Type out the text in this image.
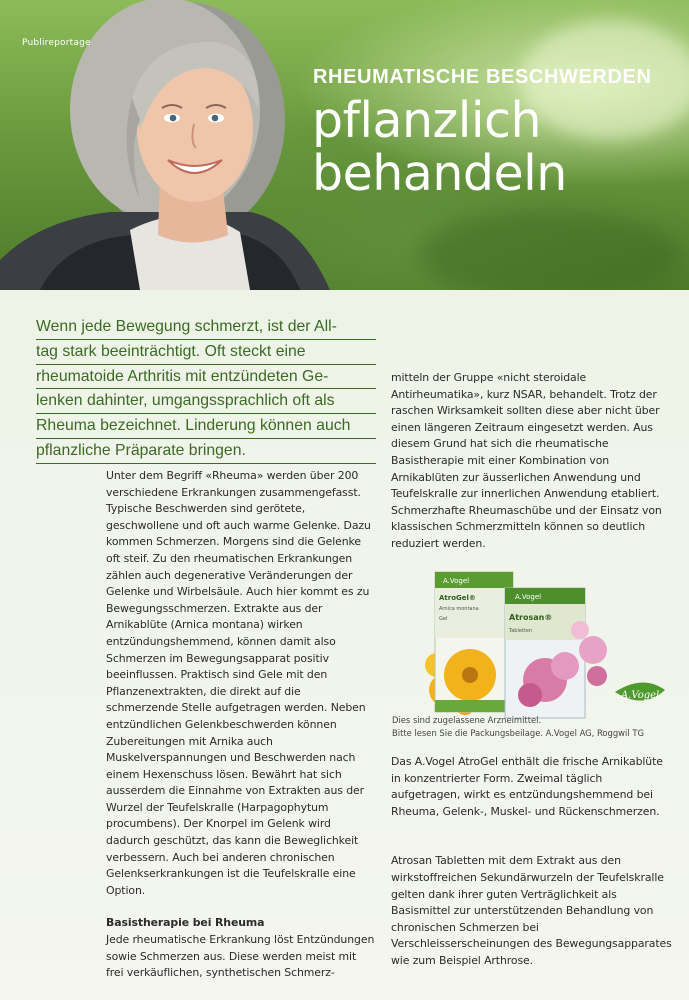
Publireportage
RHEUMATISCHE BESCHWERDEN
pflanzlich
behandeln
Wenn jede Bewegung schmerzt, ist der All-
tag stark beeinträchtigt. Oft steckt eine
rheumatoide Arthritis mit entzündeten Ge-
lenken dahinter, umgangssprachlich oft als
Rheuma bezeichnet. Linderung können auch
pflanzliche Präparate bringen.

Unter dem Begriff «Rheuma» werden über 200 verschiedene Erkrankungen zusammengefasst. Typische Beschwerden sind gerötete, geschwollene und oft auch warme Gelenke. Dazu kommen Schmerzen. Morgens sind die Gelenke oft steif. Zu den rheumatischen Erkrankungen zählen auch degenerative Veränderungen der Gelenke und Wirbelsäule. Auch hier kommt es zu Bewegungsschmerzen. Extrakte aus der Arnikablüte (Arnica montana) wirken entzündungshemmend, können damit also Schmerzen im Bewegungsapparat positiv beeinflussen. Praktisch sind Gele mit den Pflanzenextrakten, die direkt auf die schmerzende Stelle aufgetragen werden. Neben entzündlichen Gelenkbeschwerden können Zubereitungen mit Arnika auch Muskelverspannungen und Beschwerden nach einem Hexenschuss lösen. Bewährt hat sich ausserdem die Einnahme von Extrakten aus der Wurzel der Teufelskralle (Harpagophytum procumbens). Der Knorpel im Gelenk wird dadurch geschützt, das kann die Beweglichkeit verbessern. Auch bei anderen chronischen Gelenkserkrankungen ist die Teufelskralle eine Option.

Basistherapie bei Rheuma

Jede rheumatische Erkrankung löst Entzündungen sowie Schmerzen aus. Diese werden meist mit frei verkäuflichen, synthetischen Schmerz-

mitteln der Gruppe «nicht steroidale Antirheumatika», kurz NSAR, behandelt. Trotz der raschen Wirksamkeit sollten diese aber nicht über einen längeren Zeitraum eingesetzt werden. Aus diesem Grund hat sich die rheumatische Basistherapie mit einer Kombination von Arnikablüten zur äusserlichen Anwendung und Teufelskralle zur innerlichen Anwendung etabliert. Schmerzhafte Rheumaschübe und der Einsatz von klassischen Schmerzmitteln können so deutlich reduziert werden.

A.Vogel
AtroGel®
Arnica montana
Gel
A.Vogel
Atrosan®
Tabletten
A.Vogel
Dies sind zugelassene Arzneimittel.
Bitte lesen Sie die Packungsbeilage. A.Vogel AG, Roggwil TG

Das A.Vogel AtroGel enthält die frische Arnikablüte in konzentrierter Form. Zweimal täglich aufgetragen, wirkt es entzündungshemmend bei Rheuma, Gelenk-, Muskel- und Rückenschmerzen.

Atrosan Tabletten mit dem Extrakt aus den wirkstoffreichen Sekundärwurzeln der Teufelskralle gelten dank ihrer guten Verträglichkeit als Basismittel zur unterstützenden Behandlung von chronischen Schmerzen bei Verschleisserscheinungen des Bewegungsapparates wie zum Beispiel Arthrose.
